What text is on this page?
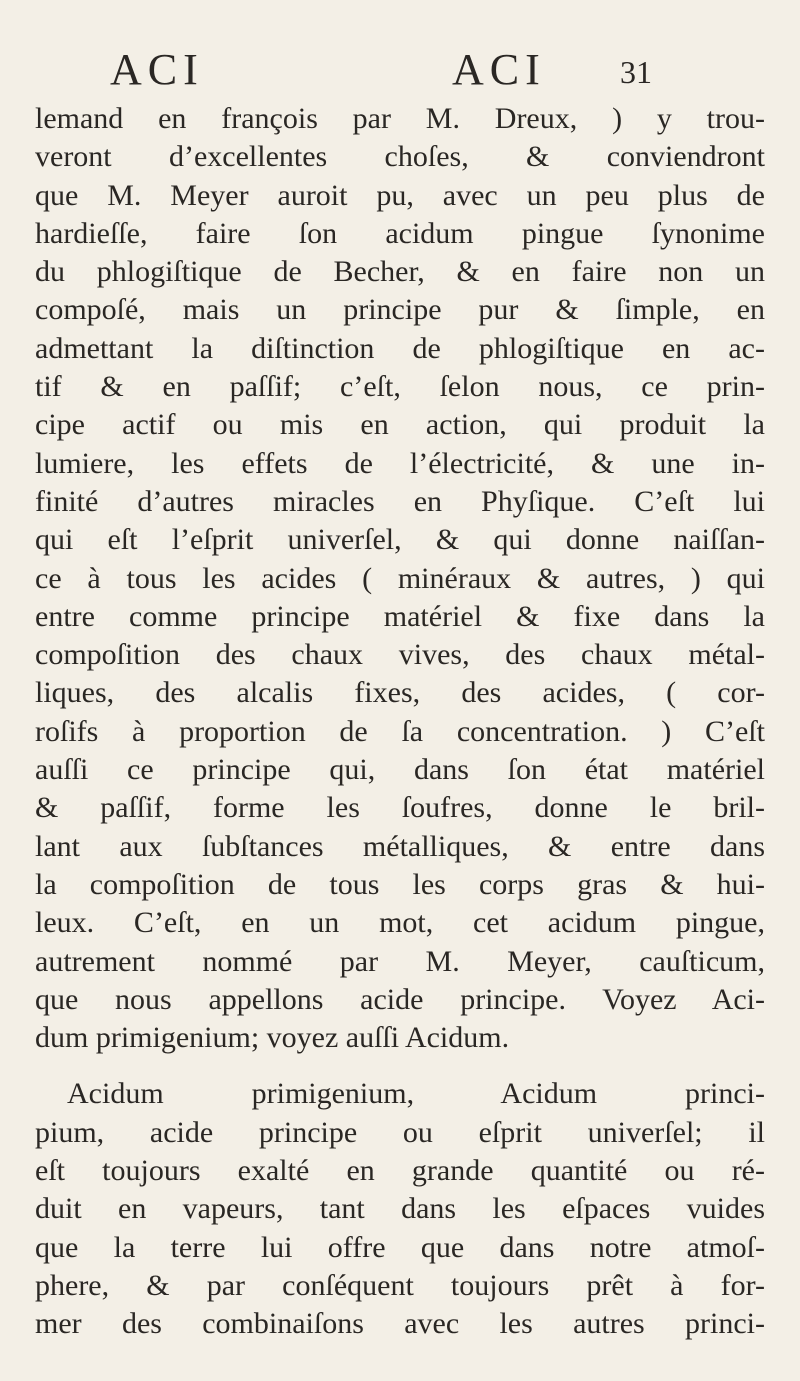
ACI	ACI 31
lemand en françois par M. Dreux, ) y trou-
veront d’excellentes choſes, & conviendront
que M. Meyer auroit pu, avec un peu plus de
hardieſſe, faire ſon acidum pingue ſynonime
du phlogiſtique de Becher, & en faire non un
compoſé, mais un principe pur & ſimple, en
admettant la diſtinction de phlogiſtique en ac-
tif & en paſſif; c’eſt, ſelon nous, ce prin-
cipe actif ou mis en action, qui produit la
lumiere, les effets de l’électricité, & une in-
finité d’autres miracles en Phyſique. C’eſt lui
qui eſt l’eſprit univerſel, & qui donne naiſſan-
ce à tous les acides ( minéraux & autres, ) qui
entre comme principe matériel & fixe dans la
compoſition des chaux vives, des chaux métal-
liques, des alcalis fixes, des acides, ( cor-
roſifs à proportion de ſa concentration. ) C’eſt
auſſi ce principe qui, dans ſon état matériel
& paſſif, forme les ſoufres, donne le bril-
lant aux ſubſtances métalliques, & entre dans
la compoſition de tous les corps gras & hui-
leux. C’eſt, en un mot, cet acidum pingue,
autrement nommé par M. Meyer, cauſticum,
que nous appellons acide principe. Voyez Aci-
dum primigenium; voyez auſſi Acidum.
Acidum primigenium, Acidum princi-
pium, acide principe ou eſprit univerſel; il
eſt toujours exalté en grande quantité ou ré-
duit en vapeurs, tant dans les eſpaces vuides
que la terre lui offre que dans notre atmoſ-
phere, & par conſéquent toujours prêt à for-
mer des combinaiſons avec les autres princi-
